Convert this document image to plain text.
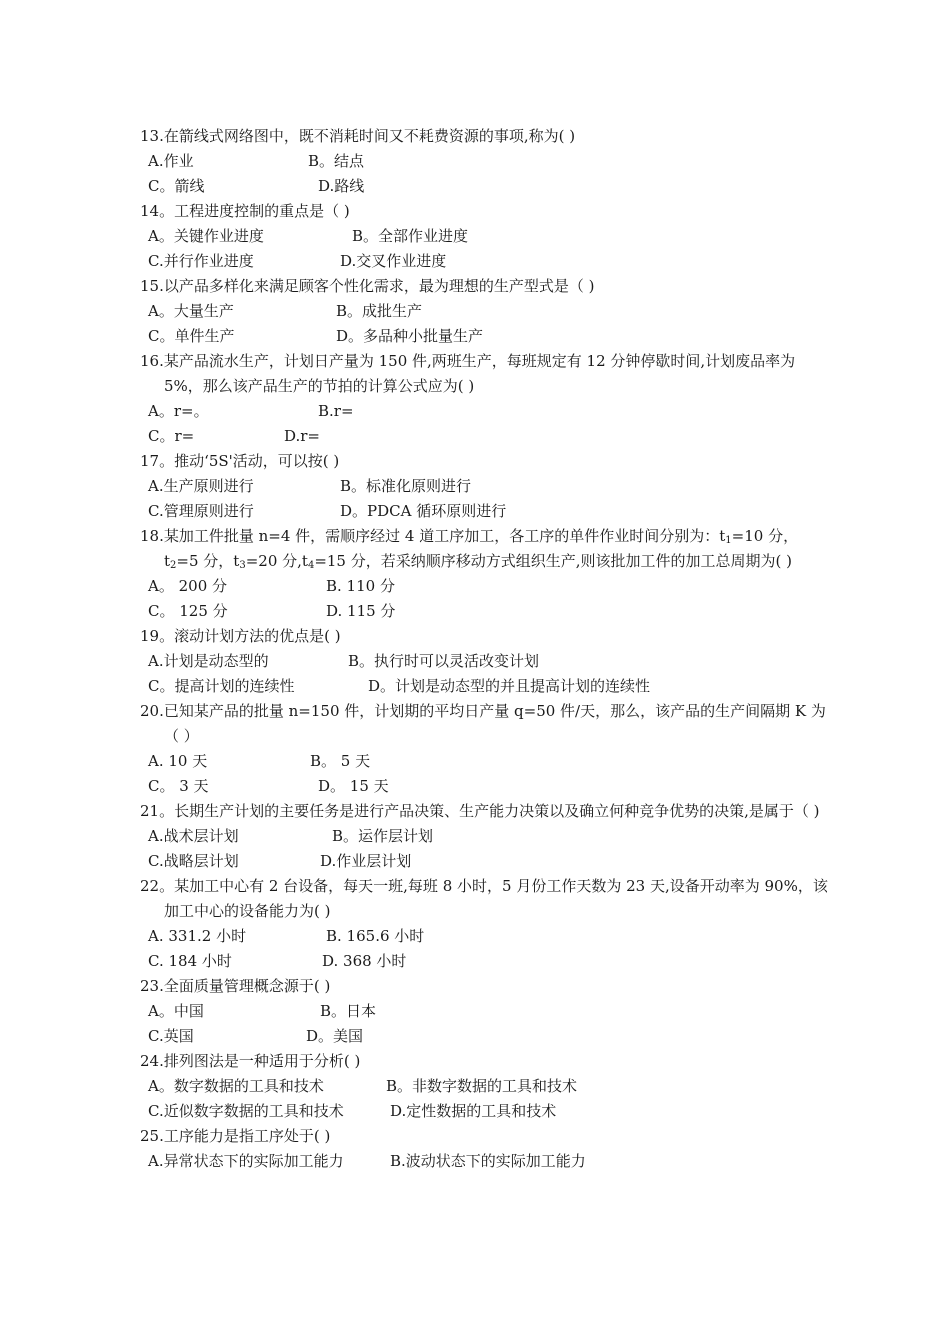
13.在箭线式网络图中，既不消耗时间又不耗费资源的事项,称为( )
A.作业	B。结点
C。箭线	D.路线
14。工程进度控制的重点是（ )
A。关键作业进度	B。全部作业进度
C.并行作业进度	D.交叉作业进度
15.以产品多样化来满足顾客个性化需求，最为理想的生产型式是（ )
A。大量生产	B。成批生产
C。单件生产	D。多品种小批量生产
16.某产品流水生产，计划日产量为 150 件,两班生产，每班规定有 12 分钟停歇时间,计划废品率为 5%，那么该产品生产的节拍的计算公式应为( )
A。r=。	B.r=
C。r=	D.r=
17。推动‘5S'活动，可以按( )
A.生产原则进行	B。标准化原则进行
C.管理原则进行	D。PDCA 循环原则进行
18.某加工件批量 n=4 件，需顺序经过 4 道工序加工，各工序的单件作业时间分别为：$t_1=10$ 分，$t_2=5$ 分，$t_3=20$ 分$,t_4=15$ 分，若采纳顺序移动方式组织生产,则该批加工件的加工总周期为( )
A。 200 分	B. 110 分
C。 125 分	D. 115 分
19。滚动计划方法的优点是( )
A.计划是动态型的	B。执行时可以灵活改变计划
C。提高计划的连续性	D。计划是动态型的并且提高计划的连续性
20.已知某产品的批量 n=150 件，计划期的平均日产量 q=50 件/天，那么，该产品的生产间隔期 K 为（ ）
A. 10 天	B。 5 天
C。 3 天	D。 15 天
21。长期生产计划的主要任务是进行产品决策、生产能力决策以及确立何种竞争优势的决策,是属于（ )
A.战术层计划	B。运作层计划
C.战略层计划	D.作业层计划
22。某加工中心有 2 台设备，每天一班,每班 8 小时，5 月份工作天数为 23 天,设备开动率为 90%，该加工中心的设备能力为( )
A. 331.2 小时	B. 165.6 小时
C. 184 小时	D. 368 小时
23.全面质量管理概念源于( )
A。中国	B。日本
C.英国	D。美国
24.排列图法是一种适用于分析( )
A。数字数据的工具和技术	B。非数字数据的工具和技术
C.近似数字数据的工具和技术	D.定性数据的工具和技术
25.工序能力是指工序处于( )
A.异常状态下的实际加工能力	B.波动状态下的实际加工能力
